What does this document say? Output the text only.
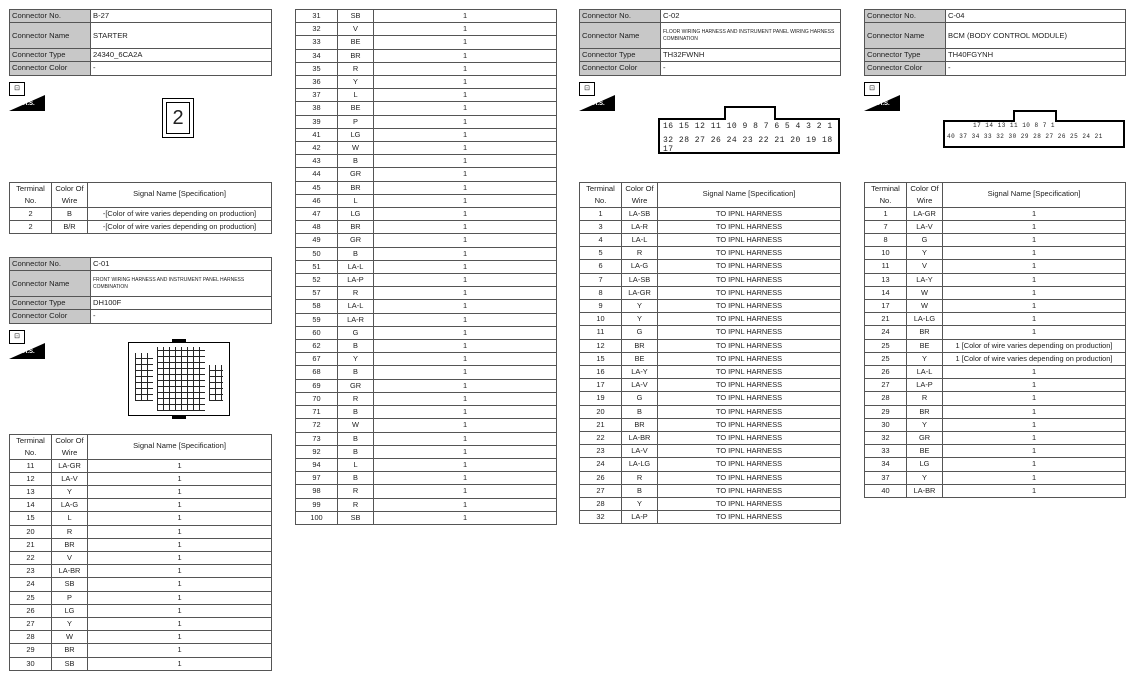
Connector No.	B-27
Connector Name	STARTER
Connector Type	24340_6CA2A
Connector Color	-
⊡
H.S.
2
Terminal No.	Color Of Wire	Signal Name [Specification]
2	B	-[Color of wire varies depending on production]
2	B/R	-[Color of wire varies depending on production]
Connector No.	C-01
Connector Name	FRONT WIRING HARNESS AND INSTRUMENT PANEL HARNESS COMBINATION
Connector Type	DH100F
Connector Color	-
⊡
H.S.
Terminal No.	Color Of Wire	Signal Name [Specification]
11	LA-GR	1
12	LA-V	1
13	Y	1
14	LA-G	1
15	L	1
20	R	1
21	BR	1
22	V	1
23	LA-BR	1
24	SB	1
25	P	1
26	LG	1
27	Y	1
28	W	1
29	BR	1
30	SB	1
31	SB	1
32	V	1
33	BE	1
34	BR	1
35	R	1
36	Y	1
37	L	1
38	BE	1
39	P	1
41	LG	1
42	W	1
43	B	1
44	GR	1
45	BR	1
46	L	1
47	LG	1
48	BR	1
49	GR	1
50	B	1
51	LA-L	1
52	LA-P	1
57	R	1
58	LA-L	1
59	LA-R	1
60	G	1
62	B	1
67	Y	1
68	B	1
69	GR	1
70	R	1
71	B	1
72	W	1
73	B	1
92	B	1
94	L	1
97	B	1
98	R	1
99	R	1
100	SB	1
Connector No.	C-02
Connector Name	FLOOR WIRING HARNESS AND INSTRUMENT PANEL WIRING HARNESS COMBINATION
Connector Type	TH32FWNH
Connector Color	-
⊡
H.S.
16 15 12 11 10 9 8 7 6 5 4 3 2 1
32 28 27 26 24 23 22 21 20 19 18 17
Terminal No.	Color Of Wire	Signal Name [Specification]
1	LA-SB	TO IPNL HARNESS
3	LA-R	TO IPNL HARNESS
4	LA-L	TO IPNL HARNESS
5	R	TO IPNL HARNESS
6	LA-G	TO IPNL HARNESS
7	LA-SB	TO IPNL HARNESS
8	LA-GR	TO IPNL HARNESS
9	Y	TO IPNL HARNESS
10	Y	TO IPNL HARNESS
11	G	TO IPNL HARNESS
12	BR	TO IPNL HARNESS
15	BE	TO IPNL HARNESS
16	LA-Y	TO IPNL HARNESS
17	LA-V	TO IPNL HARNESS
19	G	TO IPNL HARNESS
20	B	TO IPNL HARNESS
21	BR	TO IPNL HARNESS
22	LA-BR	TO IPNL HARNESS
23	LA-V	TO IPNL HARNESS
24	LA-LG	TO IPNL HARNESS
26	R	TO IPNL HARNESS
27	B	TO IPNL HARNESS
28	Y	TO IPNL HARNESS
32	LA-P	TO IPNL HARNESS
Connector No.	C-04
Connector Name	BCM (BODY CONTROL MODULE)
Connector Type	TH40FGYNH
Connector Color	-
⊡
H.S.
17 14 13 11 10 8 7 1
40 37 34 33 32 30 29 28 27 26 25 24 21
Terminal No.	Color Of Wire	Signal Name [Specification]
1	LA-GR	1
7	LA-V	1
8	G	1
10	Y	1
11	V	1
13	LA-Y	1
14	W	1
17	W	1
21	LA-LG	1
24	BR	1
25	BE	1 [Color of wire varies depending on production]
25	Y	1 [Color of wire varies depending on production]
26	LA-L	1
27	LA-P	1
28	R	1
29	BR	1
30	Y	1
32	GR	1
33	BE	1
34	LG	1
37	Y	1
40	LA-BR	1
